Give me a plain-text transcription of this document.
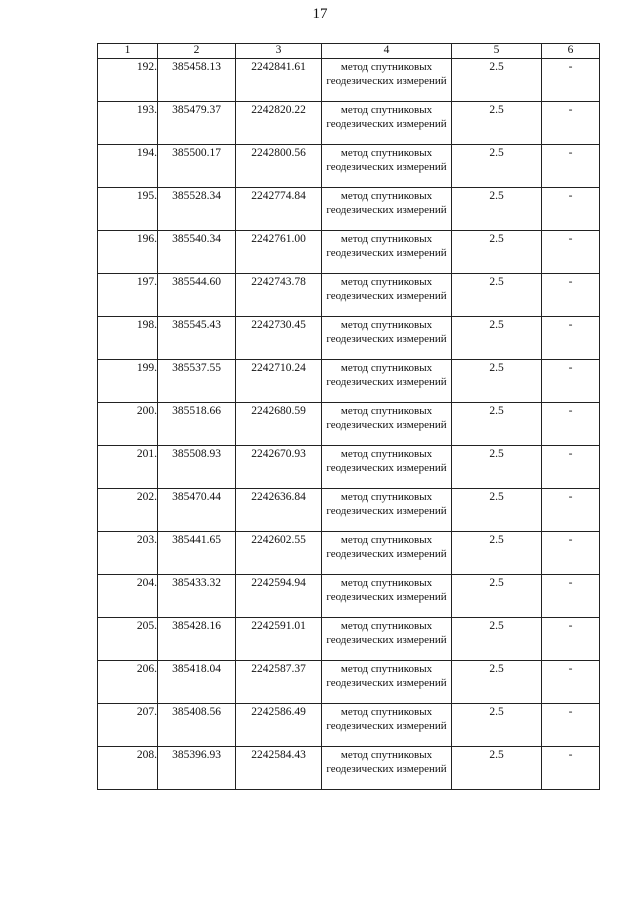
17
1	2	3	4	5	6
192.	385458.13	2242841.61	метод спутниковых геодезических измерений	2.5	-
193.	385479.37	2242820.22	метод спутниковых геодезических измерений	2.5	-
194.	385500.17	2242800.56	метод спутниковых геодезических измерений	2.5	-
195.	385528.34	2242774.84	метод спутниковых геодезических измерений	2.5	-
196.	385540.34	2242761.00	метод спутниковых геодезических измерений	2.5	-
197.	385544.60	2242743.78	метод спутниковых геодезических измерений	2.5	-
198.	385545.43	2242730.45	метод спутниковых геодезических измерений	2.5	-
199.	385537.55	2242710.24	метод спутниковых геодезических измерений	2.5	-
200.	385518.66	2242680.59	метод спутниковых геодезических измерений	2.5	-
201.	385508.93	2242670.93	метод спутниковых геодезических измерений	2.5	-
202.	385470.44	2242636.84	метод спутниковых геодезических измерений	2.5	-
203.	385441.65	2242602.55	метод спутниковых геодезических измерений	2.5	-
204.	385433.32	2242594.94	метод спутниковых геодезических измерений	2.5	-
205.	385428.16	2242591.01	метод спутниковых геодезических измерений	2.5	-
206.	385418.04	2242587.37	метод спутниковых геодезических измерений	2.5	-
207.	385408.56	2242586.49	метод спутниковых геодезических измерений	2.5	-
208.	385396.93	2242584.43	метод спутниковых геодезических измерений	2.5	-
